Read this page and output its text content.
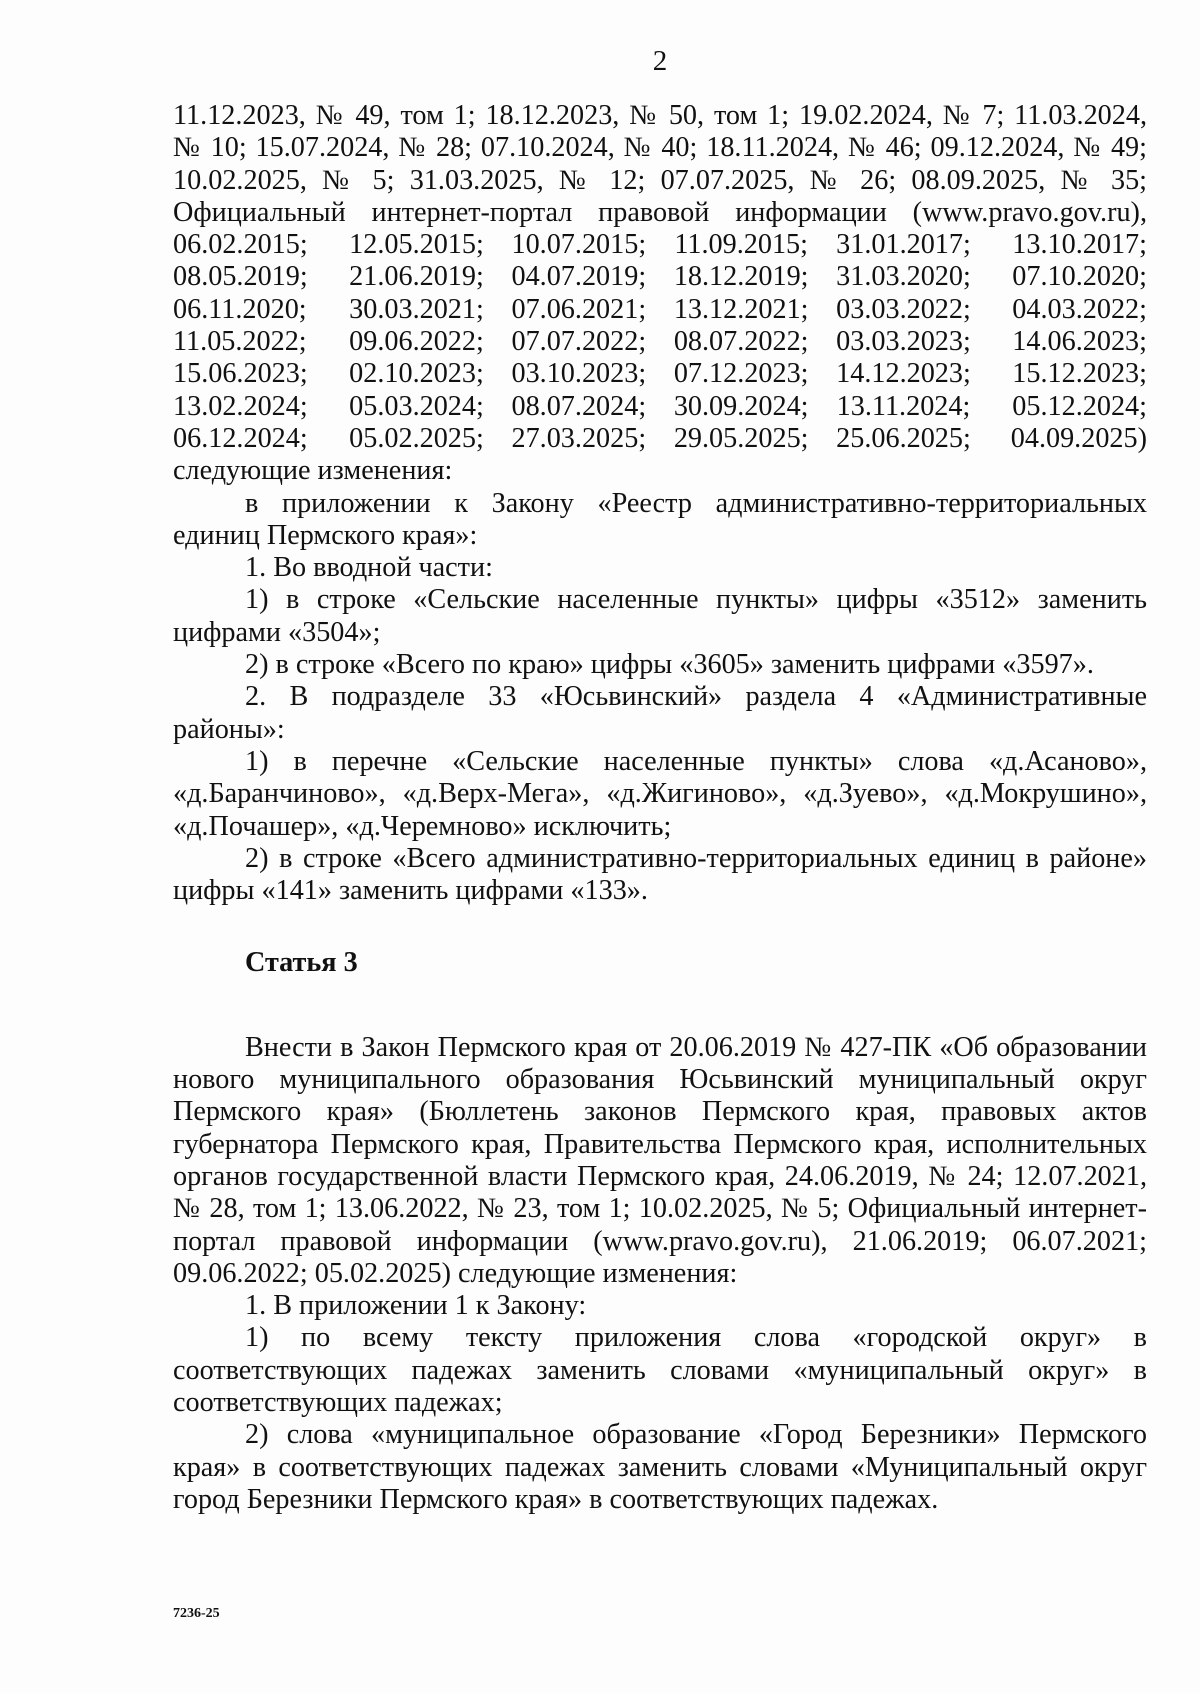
2

11.12.2023, № 49, том 1; 18.12.2023, № 50, том 1; 19.02.2024, № 7; 11.03.2024,

№ 10; 15.07.2024, № 28; 07.10.2024, № 40; 18.11.2024, № 46; 09.12.2024, № 49;

10.02.2025, № 5; 31.03.2025, № 12; 07.07.2025, № 26; 08.09.2025, № 35;

Официальный интернет-портал правовой информации (www.pravo.gov.ru),

06.02.2015;	12.05.2015; 10.07.2015; 11.09.2015; 31.01.2017;	13.10.2017;
08.05.2019;	21.06.2019; 04.07.2019; 18.12.2019; 31.03.2020;	07.10.2020;
06.11.2020;	30.03.2021; 07.06.2021; 13.12.2021; 03.03.2022;	04.03.2022;
11.05.2022;	09.06.2022; 07.07.2022; 08.07.2022; 03.03.2023;	14.06.2023;
15.06.2023;	02.10.2023; 03.10.2023; 07.12.2023; 14.12.2023;	15.12.2023;
13.02.2024;	05.03.2024; 08.07.2024; 30.09.2024; 13.11.2024;	05.12.2024;
06.12.2024;	05.02.2025; 27.03.2025; 29.05.2025; 25.06.2025;	04.09.2025)

следующие изменения:

в приложении к Закону «Реестр административно-территориальных единиц Пермского края»:

1. Во вводной части:

1) в строке «Сельские населенные пункты» цифры «3512» заменить цифрами «3504»;

2) в строке «Всего по краю» цифры «3605» заменить цифрами «3597».

2. В подразделе 33 «Юсьвинский» раздела 4 «Административные районы»:

1) в перечне «Сельские населенные пункты» слова «д.Асаново», «д.Баранчиново», «д.Верх-Мега», «д.Жигиново», «д.Зуево», «д.Мокрушино», «д.Почашер», «д.Черемново» исключить;

2) в строке «Всего административно-территориальных единиц в районе» цифры «141» заменить цифрами «133».

Статья 3

Внести в Закон Пермского края от 20.06.2019 № 427-ПК «Об образовании нового муниципального образования Юсьвинский муниципальный округ Пермского края» (Бюллетень законов Пермского края, правовых актов губернатора Пермского края, Правительства Пермского края, исполнительных органов государственной власти Пермского края, 24.06.2019, № 24; 12.07.2021, № 28, том 1; 13.06.2022, № 23, том 1; 10.02.2025, № 5; Официальный интернет-портал правовой информации (www.pravo.gov.ru), 21.06.2019; 06.07.2021; 09.06.2022; 05.02.2025) следующие изменения:

1. В приложении 1 к Закону:

1) по всему тексту приложения слова «городской округ» в соответствующих падежах заменить словами «муниципальный округ» в соответствующих падежах;

2) слова «муниципальное образование «Город Березники» Пермского края» в соответствующих падежах заменить словами «Муниципальный округ город Березники Пермского края» в соответствующих падежах.

7236-25
